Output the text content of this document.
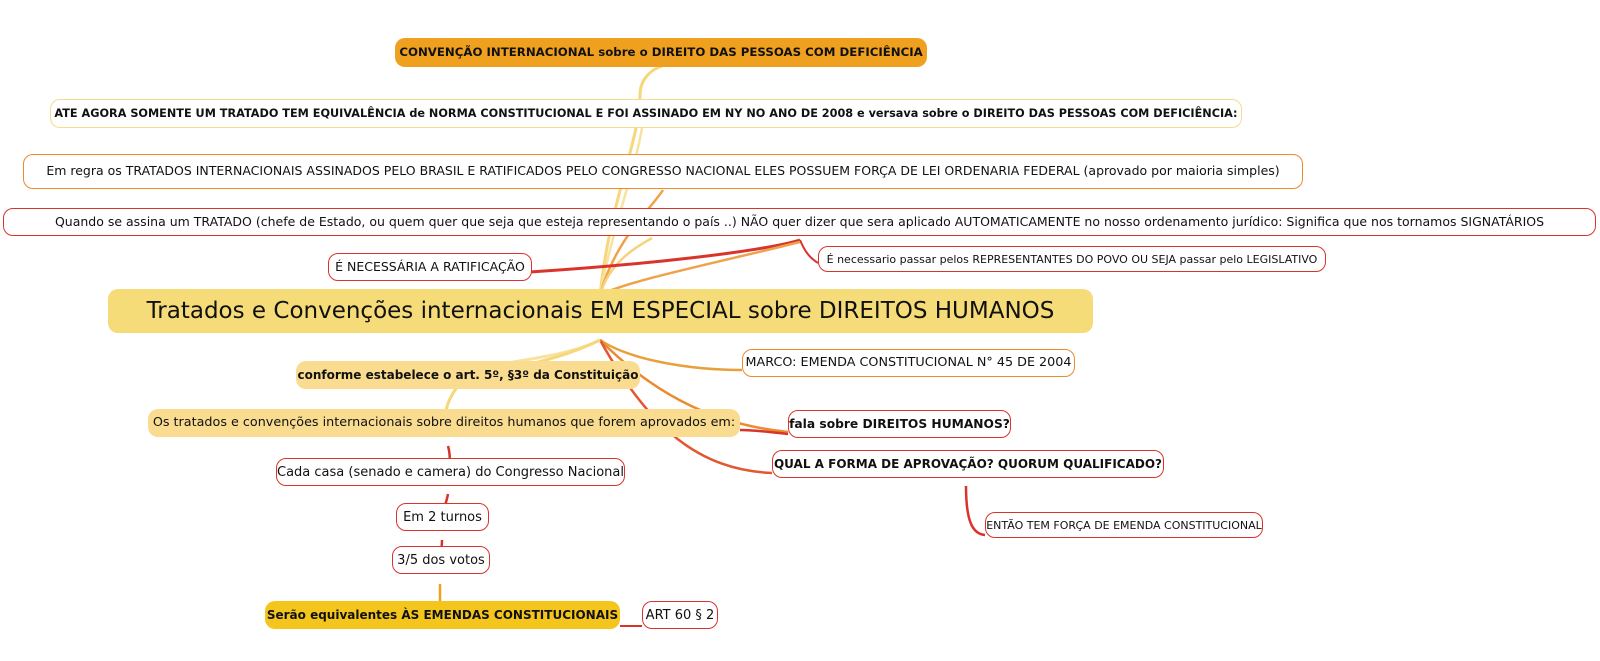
CONVENÇÃO INTERNACIONAL sobre o DIREITO DAS PESSOAS COM DEFICIÊNCIA
ATE AGORA SOMENTE UM TRATADO TEM EQUIVALÊNCIA de NORMA CONSTITUCIONAL E FOI ASSINADO EM NY NO ANO DE 2008 e versava sobre o DIREITO DAS PESSOAS COM DEFICIÊNCIA:
Em regra os TRATADOS INTERNACIONAIS ASSINADOS PELO BRASIL E RATIFICADOS PELO CONGRESSO NACIONAL ELES POSSUEM FORÇA DE LEI ORDENARIA FEDERAL (aprovado por maioria simples)
Quando se assina um TRATADO (chefe de Estado, ou quem quer que seja que esteja representando o país ..) NÃO quer dizer que sera aplicado AUTOMATICAMENTE no nosso ordenamento jurídico: Significa que nos tornamos SIGNATÁRIOS
É NECESSÁRIA A RATIFICAÇÃO	É necessario passar pelos REPRESENTANTES DO POVO OU SEJA passar pelo LEGISLATIVO
Tratados e Convenções internacionais EM ESPECIAL sobre DIREITOS HUMANOS
MARCO: EMENDA CONSTITUCIONAL N° 45 DE 2004
conforme estabelece o art. 5º, §3º da Constituição
Os tratados e convenções internacionais sobre direitos humanos que forem aprovados em:	fala sobre DIREITOS HUMANOS?
QUAL A FORMA DE APROVAÇÃO? QUORUM QUALIFICADO?
ENTÃO TEM FORÇA DE EMENDA CONSTITUCIONAL
Cada casa (senado e camera) do Congresso Nacional
Em 2 turnos
3/5 dos votos
Serão equivalentes ÀS EMENDAS CONSTITUCIONAIS ART 60 § 2
